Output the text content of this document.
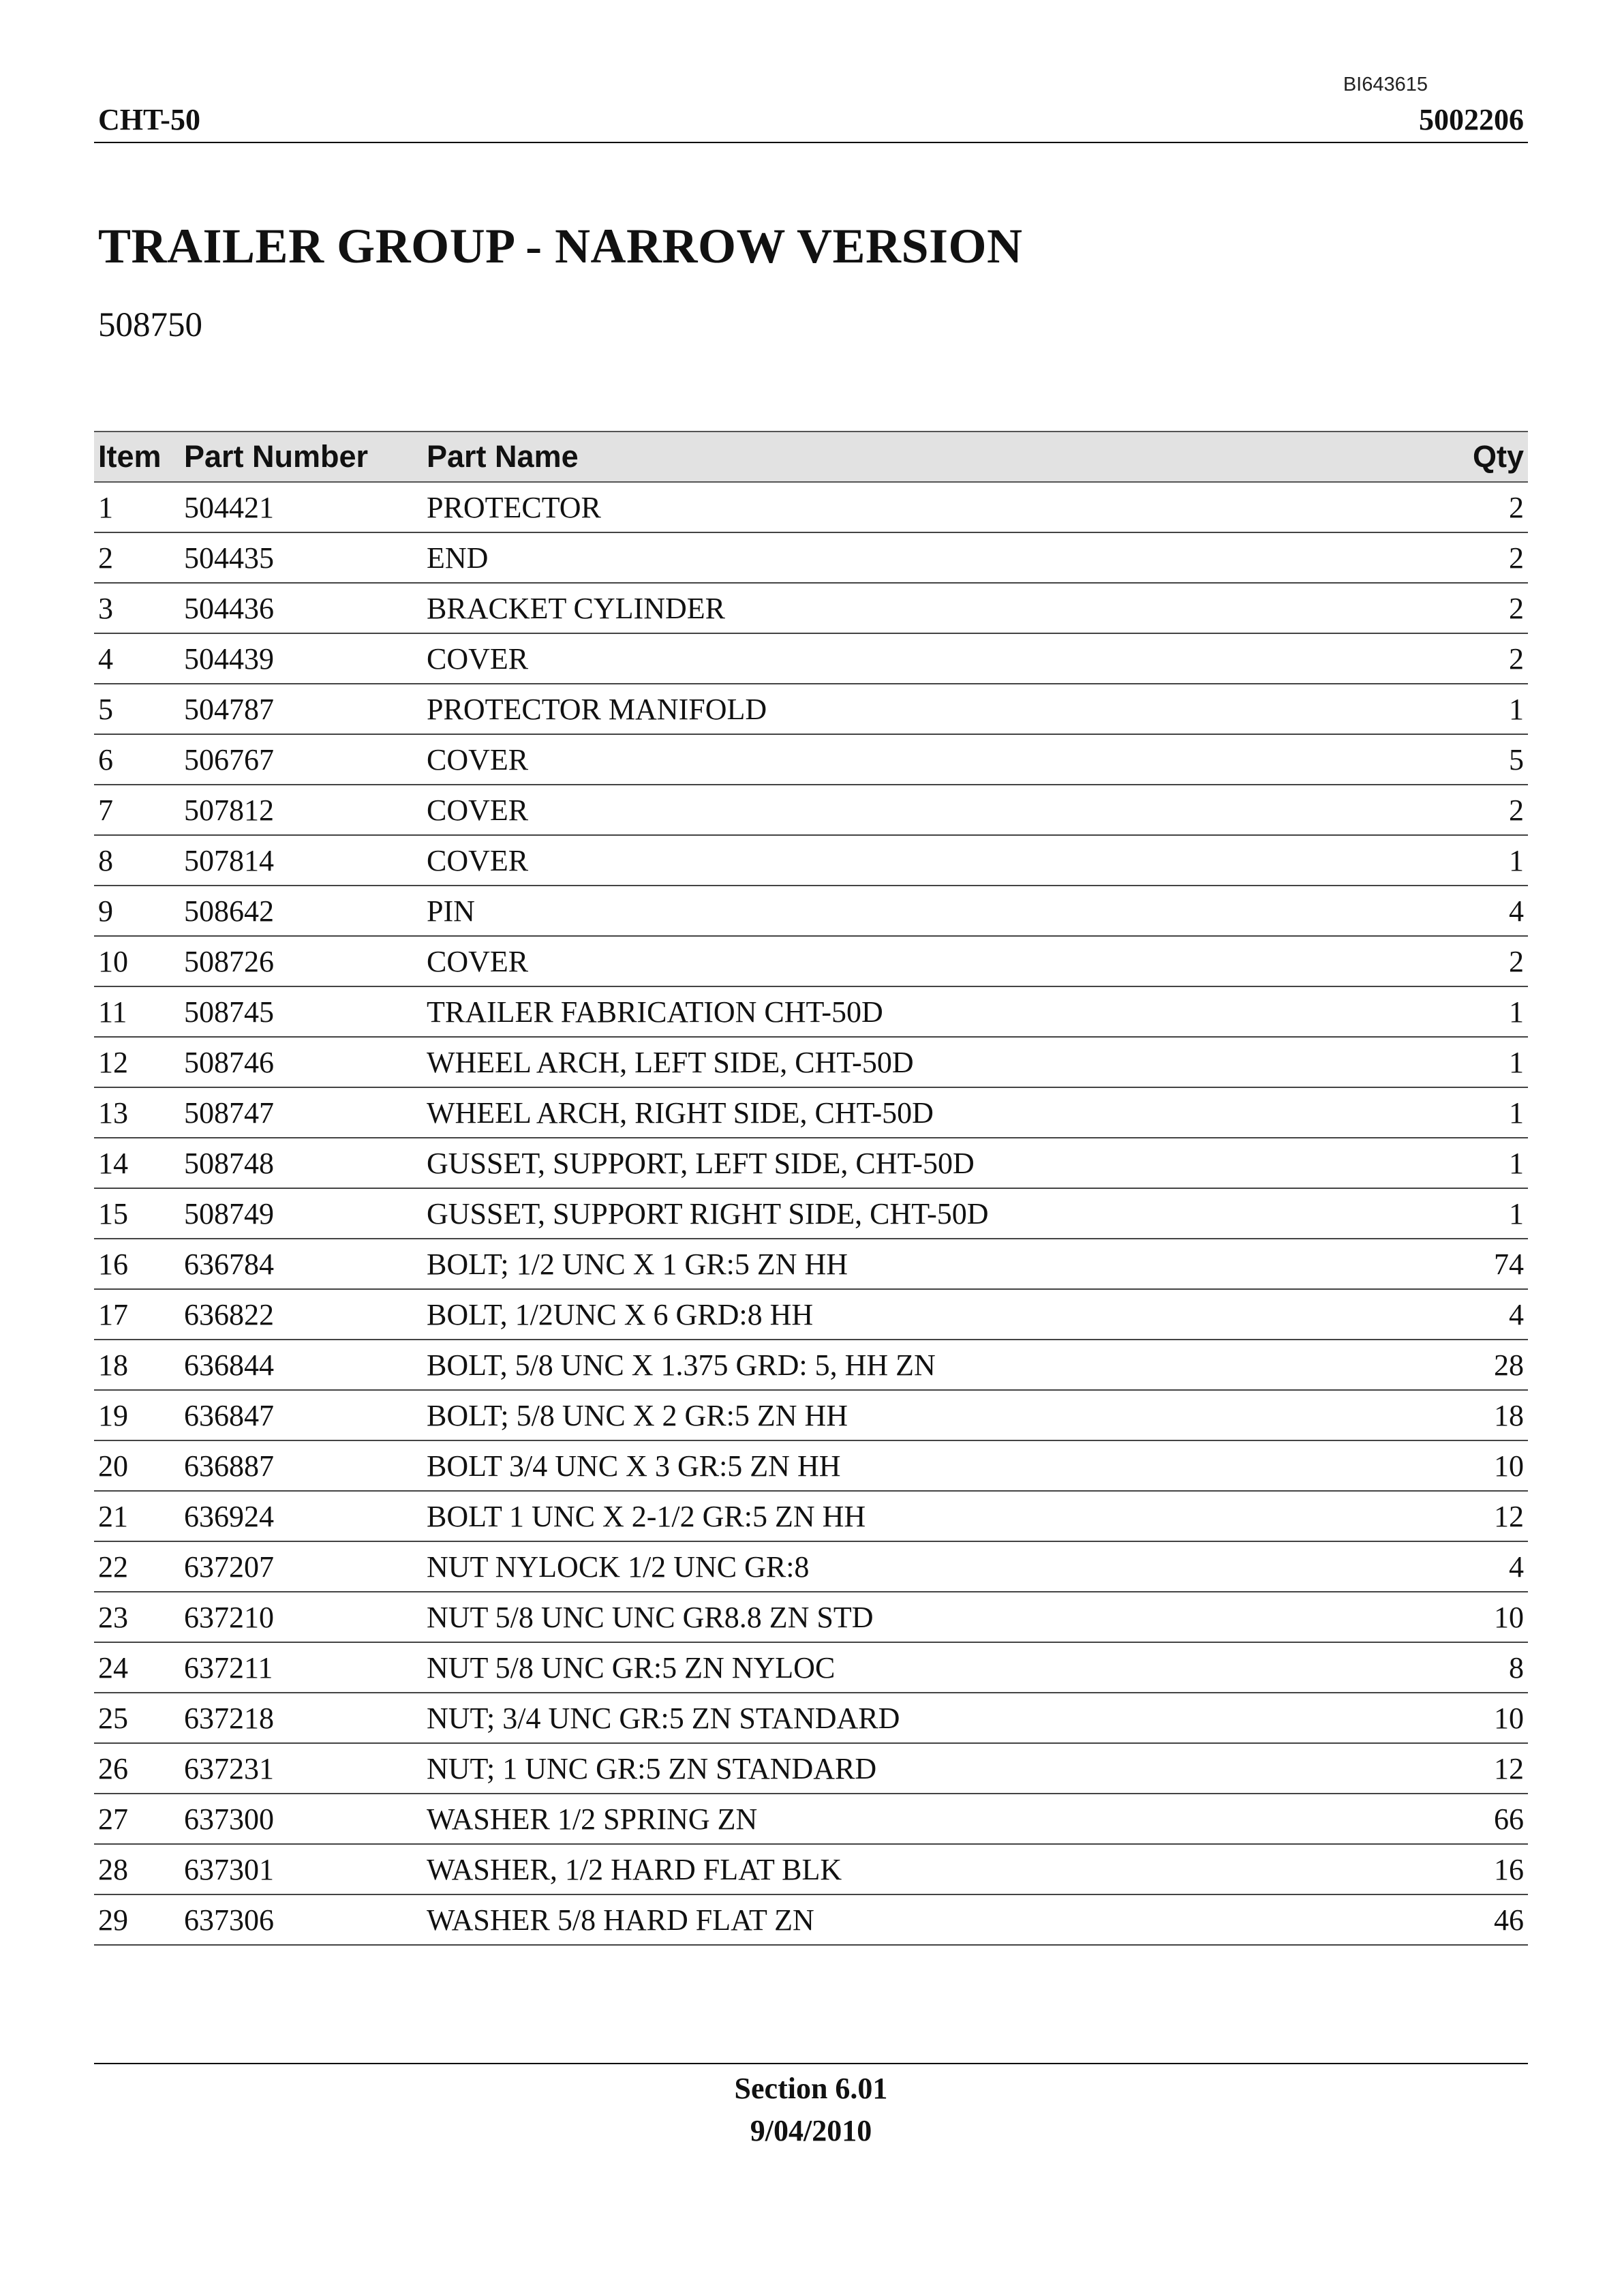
BI643615
CHT-50	5002206
TRAILER GROUP - NARROW VERSION
508750
Item	Part Number	Part Name	Qty
1	504421	PROTECTOR	2
2	504435	END	2
3	504436	BRACKET CYLINDER	2
4	504439	COVER	2
5	504787	PROTECTOR MANIFOLD	1
6	506767	COVER	5
7	507812	COVER	2
8	507814	COVER	1
9	508642	PIN	4
10	508726	COVER	2
11	508745	TRAILER FABRICATION CHT-50D	1
12	508746	WHEEL ARCH, LEFT SIDE, CHT-50D	1
13	508747	WHEEL ARCH, RIGHT SIDE, CHT-50D	1
14	508748	GUSSET, SUPPORT, LEFT SIDE, CHT-50D	1
15	508749	GUSSET, SUPPORT RIGHT SIDE, CHT-50D	1
16	636784	BOLT; 1/2 UNC X 1 GR:5 ZN HH	74
17	636822	BOLT, 1/2UNC X 6 GRD:8 HH	4
18	636844	BOLT, 5/8 UNC X 1.375 GRD: 5, HH ZN	28
19	636847	BOLT; 5/8 UNC X 2 GR:5 ZN HH	18
20	636887	BOLT 3/4 UNC X 3 GR:5 ZN HH	10
21	636924	BOLT 1 UNC X 2-1/2 GR:5 ZN HH	12
22	637207	NUT NYLOCK 1/2 UNC GR:8	4
23	637210	NUT 5/8 UNC UNC GR8.8 ZN STD	10
24	637211	NUT 5/8 UNC GR:5 ZN NYLOC	8
25	637218	NUT; 3/4 UNC GR:5 ZN STANDARD	10
26	637231	NUT; 1 UNC GR:5 ZN STANDARD	12
27	637300	WASHER 1/2 SPRING ZN	66
28	637301	WASHER, 1/2 HARD FLAT BLK	16
29	637306	WASHER 5/8 HARD FLAT ZN	46
Section 6.01
9/04/2010
